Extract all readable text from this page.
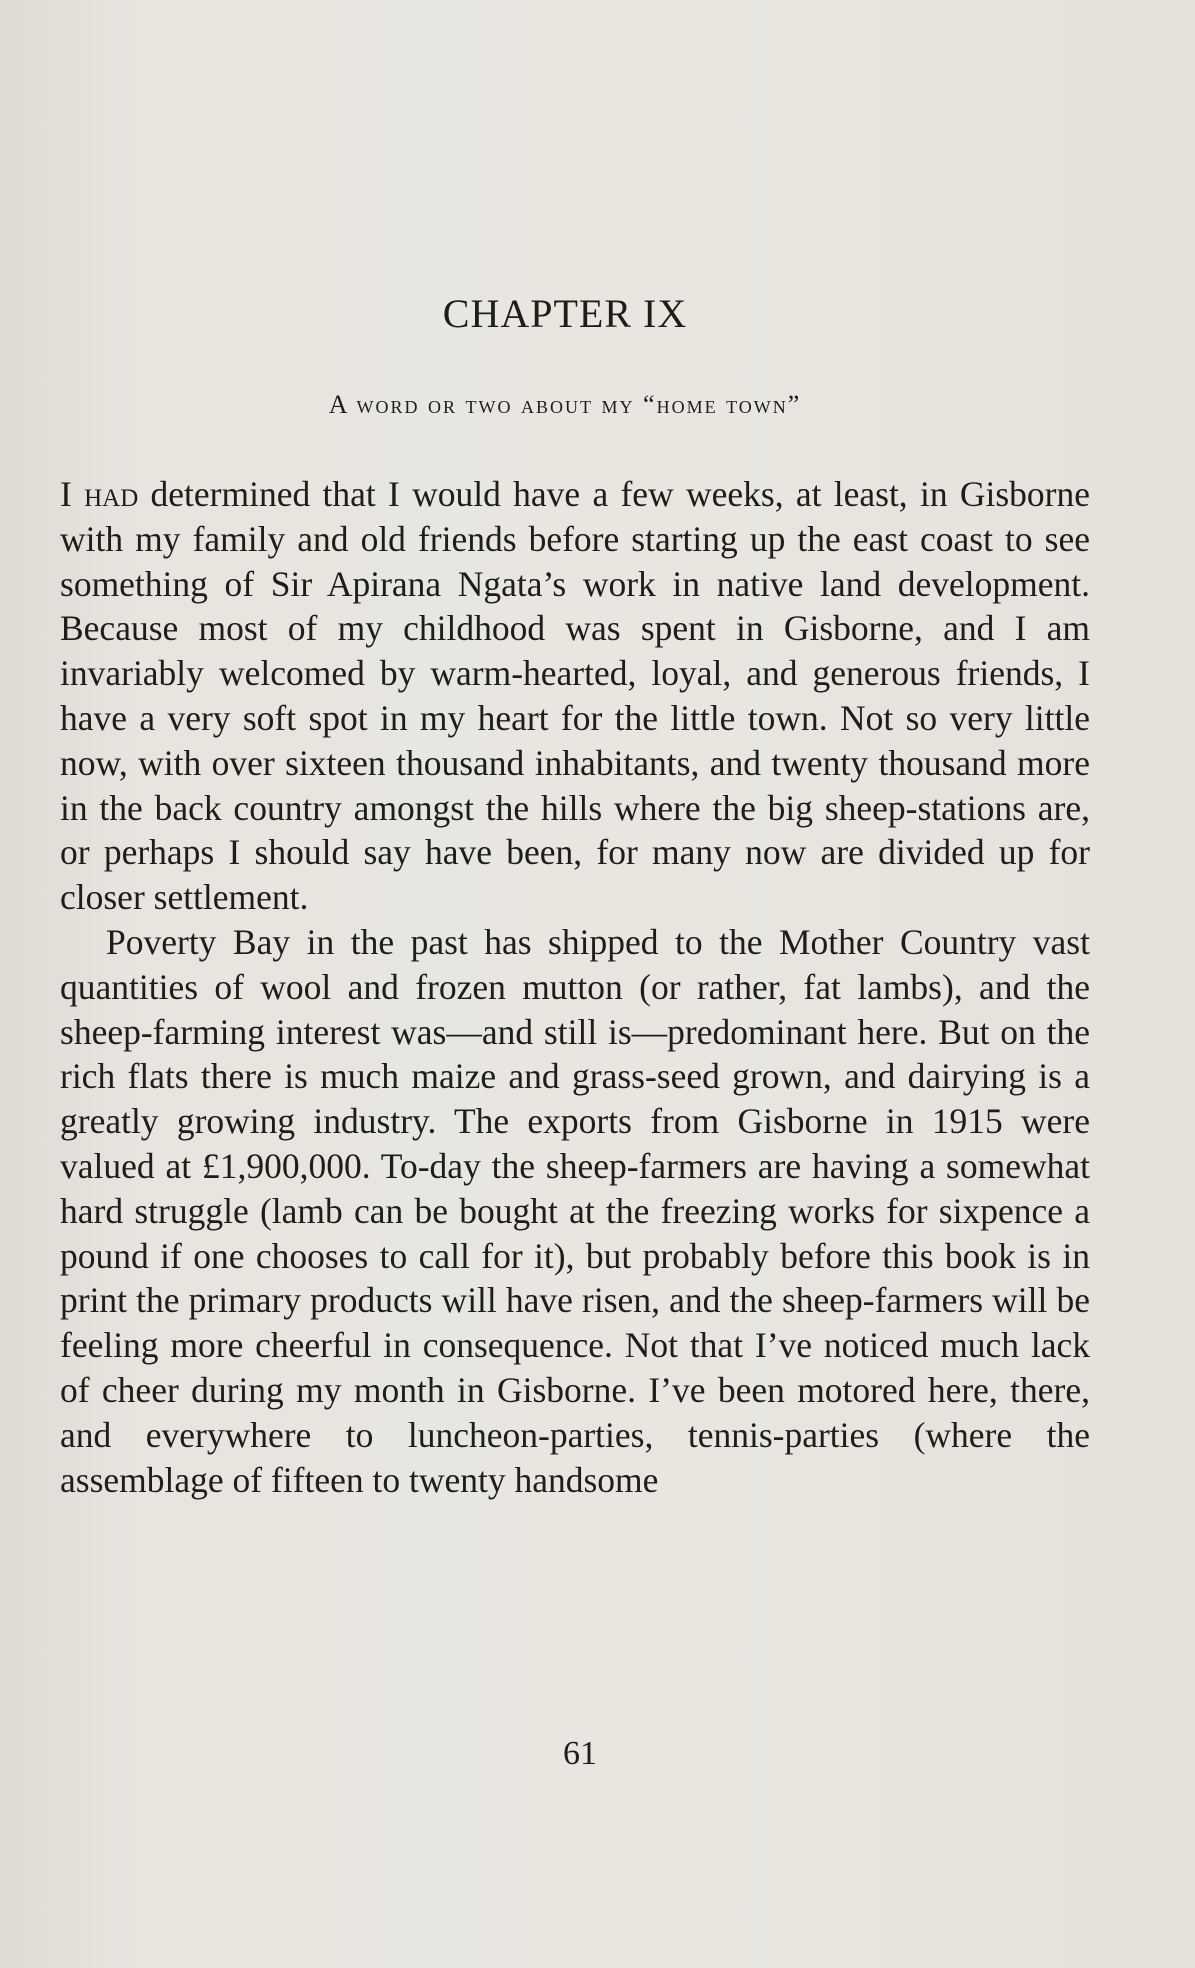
CHAPTER IX
A word or two about my “home town”

I had determined that I would have a few weeks, at least, in Gisborne with my family and old friends before starting up the east coast to see something of Sir Apirana Ngata’s work in native land development. Because most of my childhood was spent in Gisborne, and I am invariably welcomed by warm-hearted, loyal, and generous friends, I have a very soft spot in my heart for the little town. Not so very little now, with over sixteen thousand inhabitants, and twenty thousand more in the back country amongst the hills where the big sheep-stations are, or perhaps I should say have been, for many now are divided up for closer settlement.

Poverty Bay in the past has shipped to the Mother Country vast quantities of wool and frozen mutton (or rather, fat lambs), and the sheep-farming interest was—and still is—predominant here. But on the rich flats there is much maize and grass-seed grown, and dairying is a greatly growing industry. The exports from Gisborne in 1915 were valued at £1,900,000. To-day the sheep-farmers are having a somewhat hard struggle (lamb can be bought at the freezing works for sixpence a pound if one chooses to call for it), but probably before this book is in print the primary products will have risen, and the sheep-farmers will be feeling more cheerful in consequence. Not that I’ve noticed much lack of cheer during my month in Gisborne. I’ve been motored here, there, and everywhere to luncheon-parties, tennis-parties (where the assemblage of fifteen to twenty handsome

61
